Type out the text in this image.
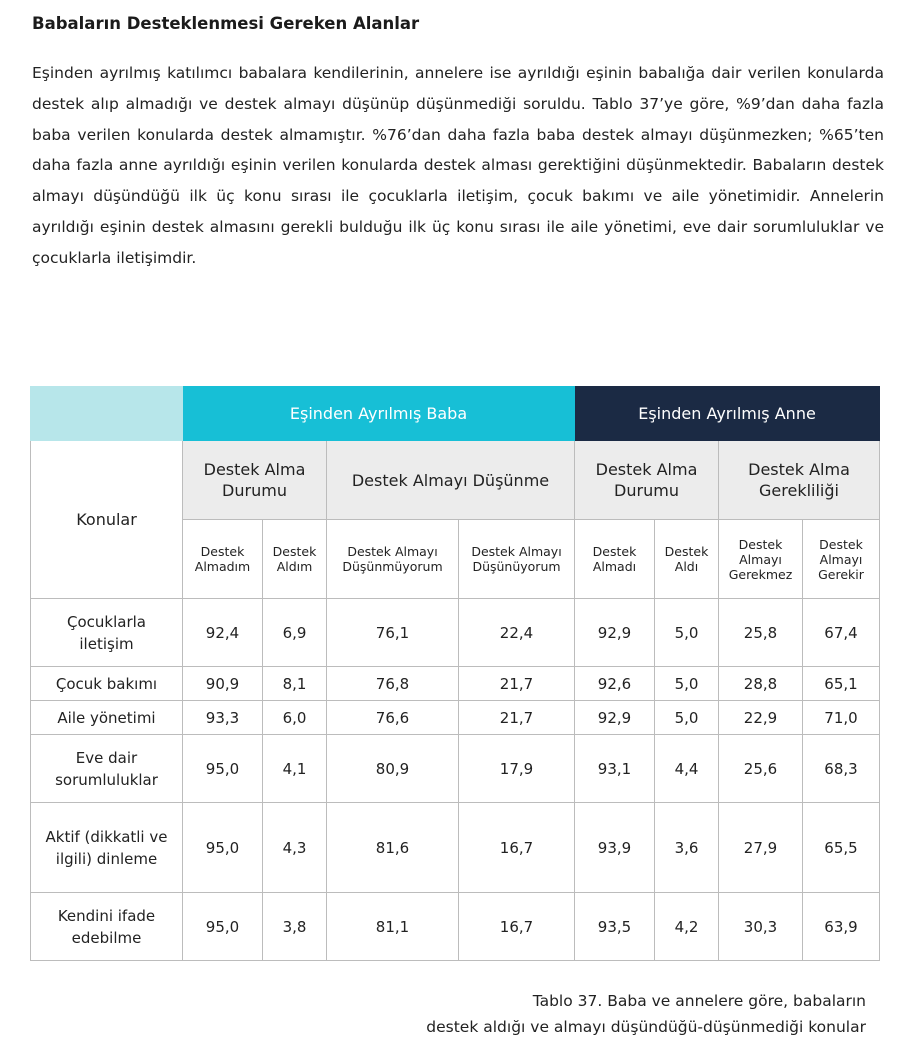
Babaların Desteklenmesi Gereken Alanlar

Eşinden ayrılmış katılımcı babalara kendilerinin, annelere ise ayrıldığı eşinin babalığa dair verilen konularda destek alıp almadığı ve destek almayı düşünüp düşünmediği soruldu. Tablo 37’ye göre, %9’dan daha fazla baba verilen konularda destek almamıştır. %76’dan daha fazla baba destek almayı düşünmezken; %65’ten daha fazla anne ayrıldığı eşinin verilen konularda destek alması gerektiğini düşünmektedir. Babaların destek almayı düşündüğü ilk üç konu sırası ile çocuklarla iletişim, çocuk bakımı ve aile yönetimidir. Annelerin ayrıldığı eşinin destek almasını gerekli bulduğu ilk üç konu sırası ile aile yönetimi, eve dair sorumluluklar ve çocuklarla iletişimdir.

	Eşinden Ayrılmış Baba				Eşinden Ayrılmış Anne			
Konular	Destek Alma Durumu		Destek Almayı Düşünme		Destek Alma Durumu		Destek Alma Gerekliliği	
	Destek Almadım	Destek Aldım	Destek Almayı Düşünmüyorum	Destek Almayı Düşünüyorum	Destek Almadı	Destek Aldı	Destek Almayı Gerekmez	Destek Almayı Gerekir
Çocuklarla iletişim	92,4	6,9	76,1	22,4	92,9	5,0	25,8	67,4
Çocuk bakımı	90,9	8,1	76,8	21,7	92,6	5,0	28,8	65,1
Aile yönetimi	93,3	6,0	76,6	21,7	92,9	5,0	22,9	71,0
Eve dair sorumluluklar	95,0	4,1	80,9	17,9	93,1	4,4	25,6	68,3
Aktif (dikkatli ve ilgili) dinleme	95,0	4,3	81,6	16,7	93,9	3,6	27,9	65,5
Kendini ifade edebilme	95,0	3,8	81,1	16,7	93,5	4,2	30,3	63,9
Tablo 37. Baba ve annelere göre, babaların
destek aldığı ve almayı düşündüğü-düşünmediği konular
